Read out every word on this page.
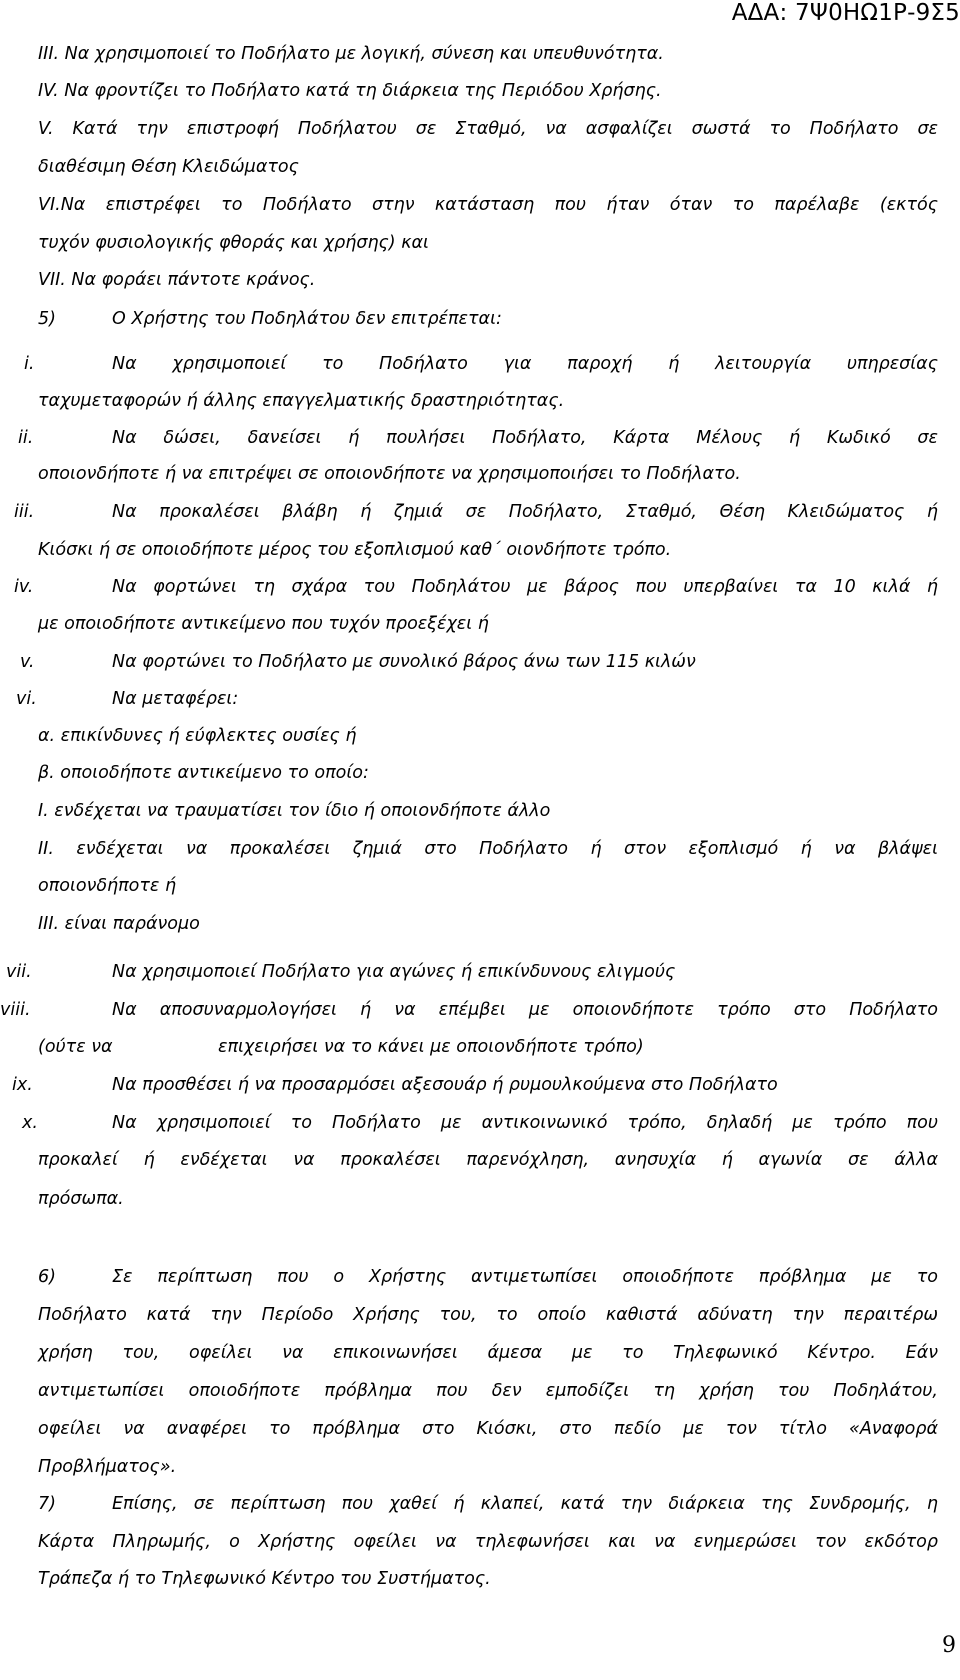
ΑΔΑ: 7Ψ0ΗΩ1Ρ-9Σ5
III. Να χρησιμοποιεί το Ποδήλατο με λογική, σύνεση και υπευθυνότητα.
IV. Να φροντίζει το Ποδήλατο κατά τη διάρκεια της Περιόδου Χρήσης.
V. Κατά την επιστροφή Ποδήλατου σε Σταθμό, να ασφαλίζει σωστά το Ποδήλατο σε
διαθέσιμη Θέση Κλειδώματος
VI.Να επιστρέφει το Ποδήλατο στην κατάσταση που ήταν όταν το παρέλαβε (εκτός
τυχόν φυσιολογικής φθοράς και χρήσης) και
VII. Να φοράει πάντοτε κράνος.
5)	Ο Χρήστης του Ποδηλάτου δεν επιτρέπεται:
i.	Να χρησιμοποιεί το Ποδήλατο για παροχή ή λειτουργία υπηρεσίας
ταχυμεταφορών ή άλλης επαγγελματικής δραστηριότητας.
ii.	Να δώσει, δανείσει ή πουλήσει Ποδήλατο, Κάρτα Μέλους ή Κωδικό σε
οποιονδήποτε ή να επιτρέψει σε οποιονδήποτε να χρησιμοποιήσει το Ποδήλατο.
iii.	Να προκαλέσει βλάβη ή ζημιά σε Ποδήλατο, Σταθμό, Θέση Κλειδώματος ή
Κιόσκι ή σε οποιοδήποτε μέρος του εξοπλισμού καθ΄ οιονδήποτε τρόπο.
iv.	Να φορτώνει τη σχάρα του Ποδηλάτου με βάρος που υπερβαίνει τα 10 κιλά ή
με οποιοδήποτε αντικείμενο που τυχόν προεξέχει ή
v.	Να φορτώνει το Ποδήλατο με συνολικό βάρος άνω των 115 κιλών
vi.	Να μεταφέρει:
α. επικίνδυνες ή εύφλεκτες ουσίες ή
β. οποιοδήποτε αντικείμενο το οποίο:
Ι. ενδέχεται να τραυματίσει τον ίδιο ή οποιονδήποτε άλλο
ΙΙ. ενδέχεται να προκαλέσει ζημιά στο Ποδήλατο ή στον εξοπλισμό ή να βλάψει
οποιονδήποτε ή
ΙΙΙ. είναι παράνομο
vii.	Να χρησιμοποιεί Ποδήλατο για αγώνες ή επικίνδυνους ελιγμούς
viii.	Να αποσυναρμολογήσει ή να επέμβει με οποιονδήποτε τρόπο στο Ποδήλατο
(ούτε να	επιχειρήσει να το κάνει με οποιονδήποτε τρόπο)
ix.	Να προσθέσει ή να προσαρμόσει αξεσουάρ ή ρυμουλκούμενα στο Ποδήλατο
x.	Να χρησιμοποιεί το Ποδήλατο με αντικοινωνικό τρόπο, δηλαδή με τρόπο που
προκαλεί ή ενδέχεται να προκαλέσει παρενόχληση, ανησυχία ή αγωνία σε άλλα
πρόσωπα.
6)	Σε περίπτωση που ο Χρήστης αντιμετωπίσει οποιοδήποτε πρόβλημα με το
Ποδήλατο κατά την Περίοδο Χρήσης του, το οποίο καθιστά αδύνατη την περαιτέρω
χρήση του, οφείλει να επικοινωνήσει άμεσα με το Τηλεφωνικό Κέντρο. Εάν
αντιμετωπίσει οποιοδήποτε πρόβλημα που δεν εμποδίζει τη χρήση του Ποδηλάτου,
οφείλει να αναφέρει το πρόβλημα στο Κιόσκι, στο πεδίο με τον τίτλο «Αναφορά
Προβλήματος».
7)	Επίσης, σε περίπτωση που χαθεί ή κλαπεί, κατά την διάρκεια της Συνδρομής, η
Κάρτα Πληρωμής, ο Χρήστης οφείλει να τηλεφωνήσει και να ενημερώσει τον εκδότορ
Τράπεζα ή το Τηλεφωνικό Κέντρο του Συστήματος.
9
